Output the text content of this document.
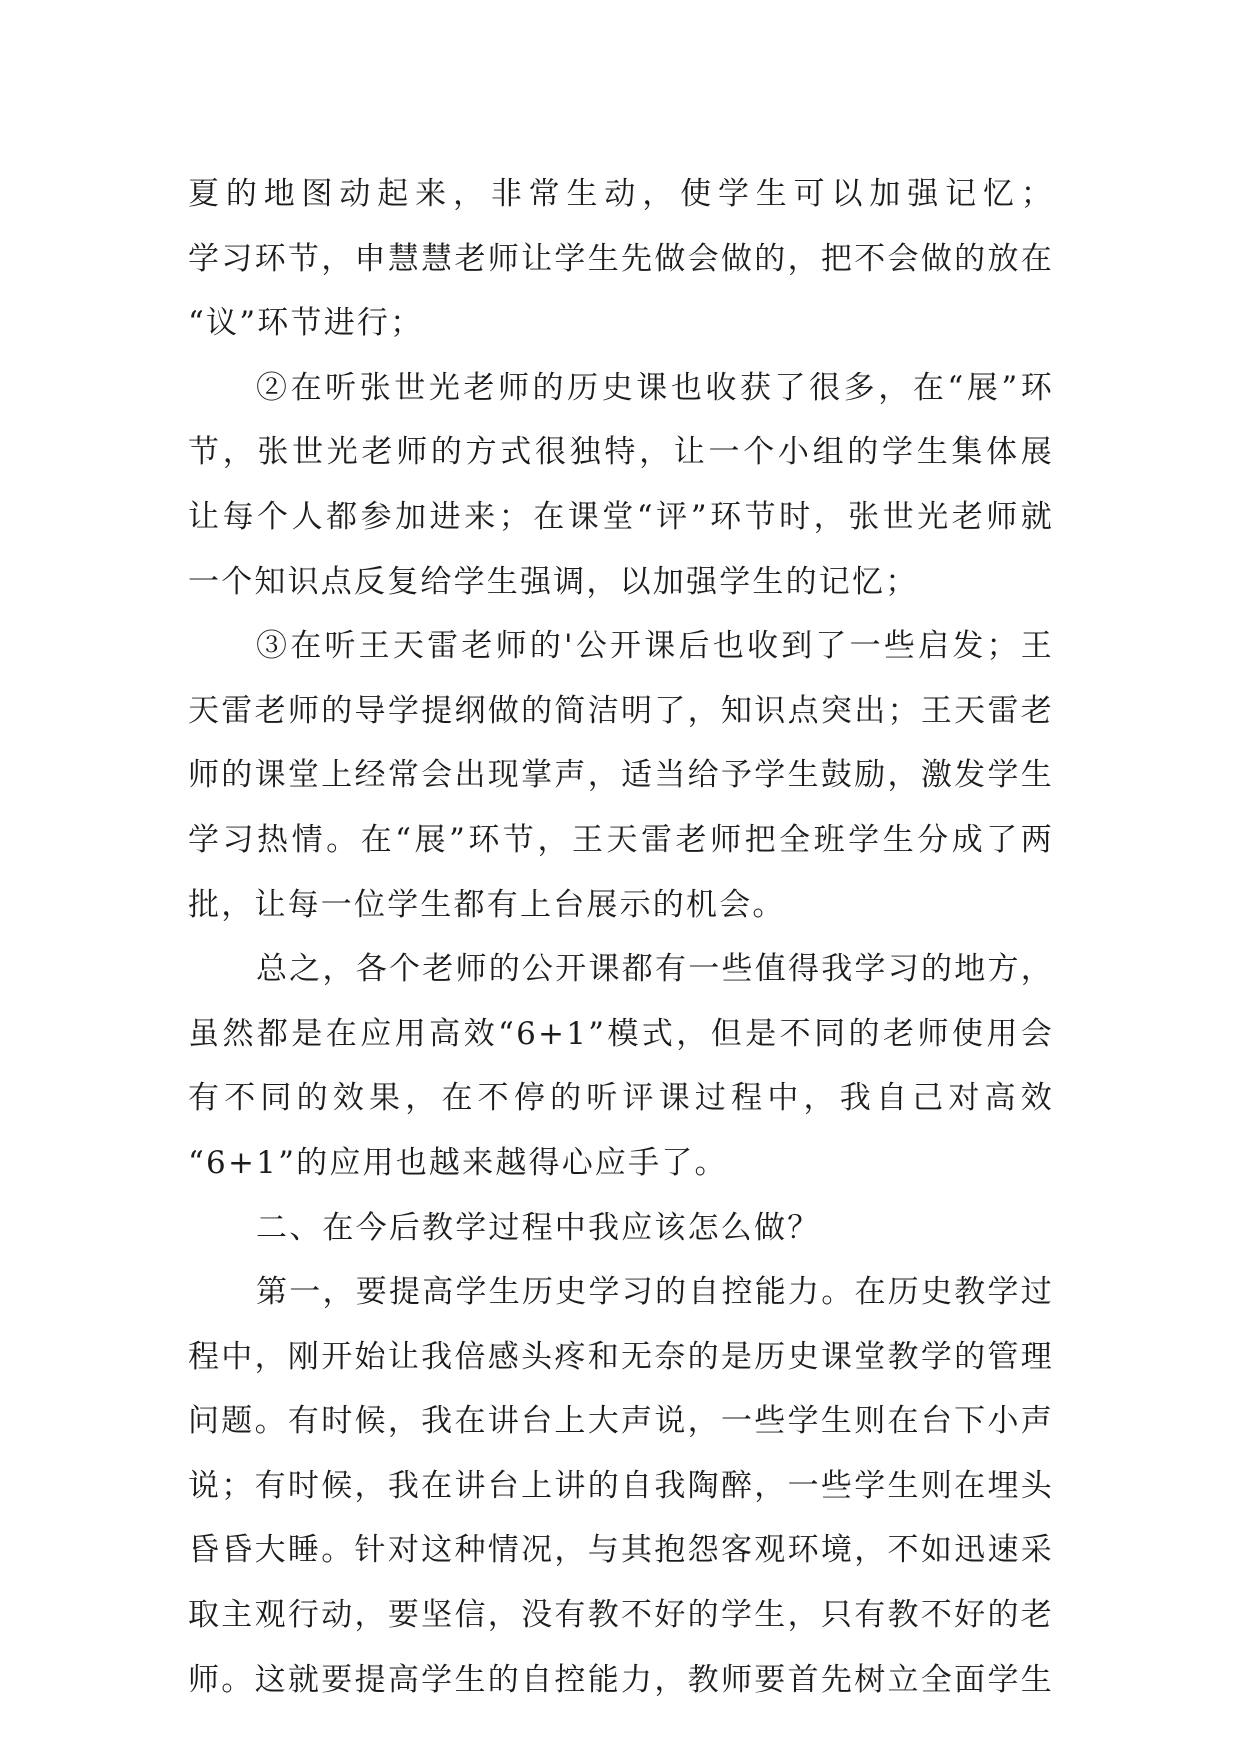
夏的地图动起来，非常生动，使学生可以加强记忆；
学习环节，申慧慧老师让学生先做会做的，把不会做的放在
“议”环节进行；
②在听张世光老师的历史课也收获了很多，在“展”环
节，张世光老师的方式很独特，让一个小组的学生集体展
让每个人都参加进来；在课堂“评”环节时，张世光老师就
一个知识点反复给学生强调，以加强学生的记忆；
③在听王天雷老师的'公开课后也收到了一些启发；王
天雷老师的导学提纲做的简洁明了，知识点突出；王天雷老
师的课堂上经常会出现掌声，适当给予学生鼓励，激发学生
学习热情。在“展”环节，王天雷老师把全班学生分成了两
批，让每一位学生都有上台展示的机会。
总之，各个老师的公开课都有一些值得我学习的地方，
虽然都是在应用高效“6+1”模式，但是不同的老师使用会
有不同的效果，在不停的听评课过程中，我自己对高效
“6+1”的应用也越来越得心应手了。
二、在今后教学过程中我应该怎么做？
第一，要提高学生历史学习的自控能力。在历史教学过
程中，刚开始让我倍感头疼和无奈的是历史课堂教学的管理
问题。有时候，我在讲台上大声说，一些学生则在台下小声
说；有时候，我在讲台上讲的自我陶醉，一些学生则在埋头
昏昏大睡。针对这种情况，与其抱怨客观环境，不如迅速采
取主观行动，要坚信，没有教不好的学生，只有教不好的老
师。这就要提高学生的自控能力，教师要首先树立全面学生
